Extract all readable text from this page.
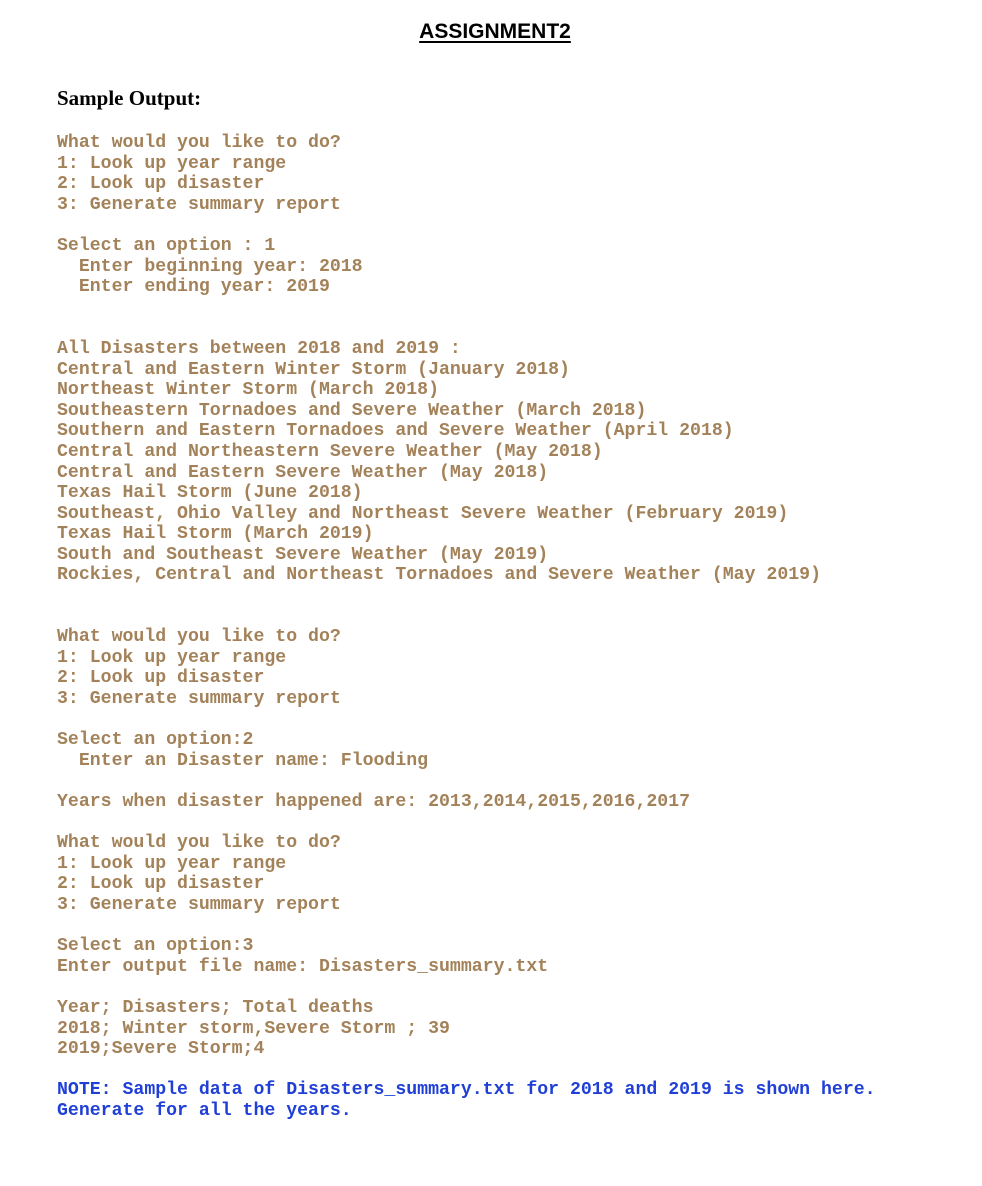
ASSIGNMENT2
Sample Output:
What would you like to do?
1: Look up year range
2: Look up disaster
3: Generate summary report
Select an option : 1
Enter beginning year: 2018
Enter ending year: 2019
All Disasters between 2018 and 2019 :
Central and Eastern Winter Storm (January 2018)
Northeast Winter Storm (March 2018)
Southeastern Tornadoes and Severe Weather (March 2018)
Southern and Eastern Tornadoes and Severe Weather (April 2018)
Central and Northeastern Severe Weather (May 2018)
Central and Eastern Severe Weather (May 2018)
Texas Hail Storm (June 2018)
Southeast, Ohio Valley and Northeast Severe Weather (February 2019)
Texas Hail Storm (March 2019)
South and Southeast Severe Weather (May 2019)
Rockies, Central and Northeast Tornadoes and Severe Weather (May 2019)
What would you like to do?
1: Look up year range
2: Look up disaster
3: Generate summary report
Select an option:2
Enter an Disaster name: Flooding
Years when disaster happened are: 2013,2014,2015,2016,2017
What would you like to do?
1: Look up year range
2: Look up disaster
3: Generate summary report
Select an option:3
Enter output file name: Disasters_summary.txt
Year; Disasters; Total deaths
2018; Winter storm,Severe Storm ; 39
2019;Severe Storm;4
NOTE: Sample data of Disasters_summary.txt for 2018 and 2019 is shown here.
Generate for all the years.
